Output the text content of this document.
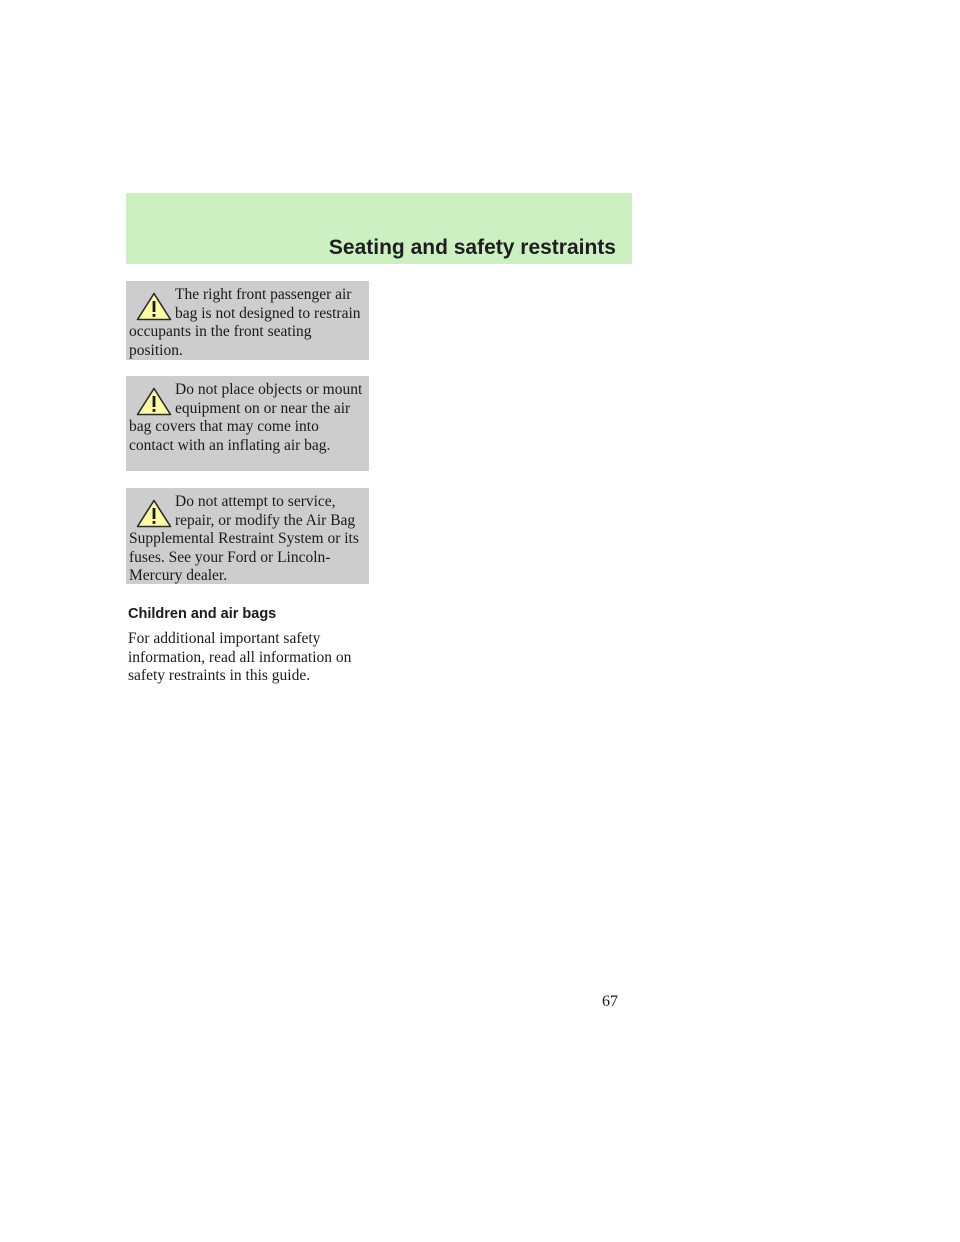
Seating and safety restraints

The right front passenger air bag is not designed to restrain occupants in the front seating position.

Do not place objects or mount equipment on or near the air bag covers that may come into contact with an inflating air bag.

Do not attempt to service, repair, or modify the Air Bag Supplemental Restraint System or its fuses. See your Ford or Lincoln-Mercury dealer.

Children and air bags

For additional important safety information, read all information on safety restraints in this guide.

67
